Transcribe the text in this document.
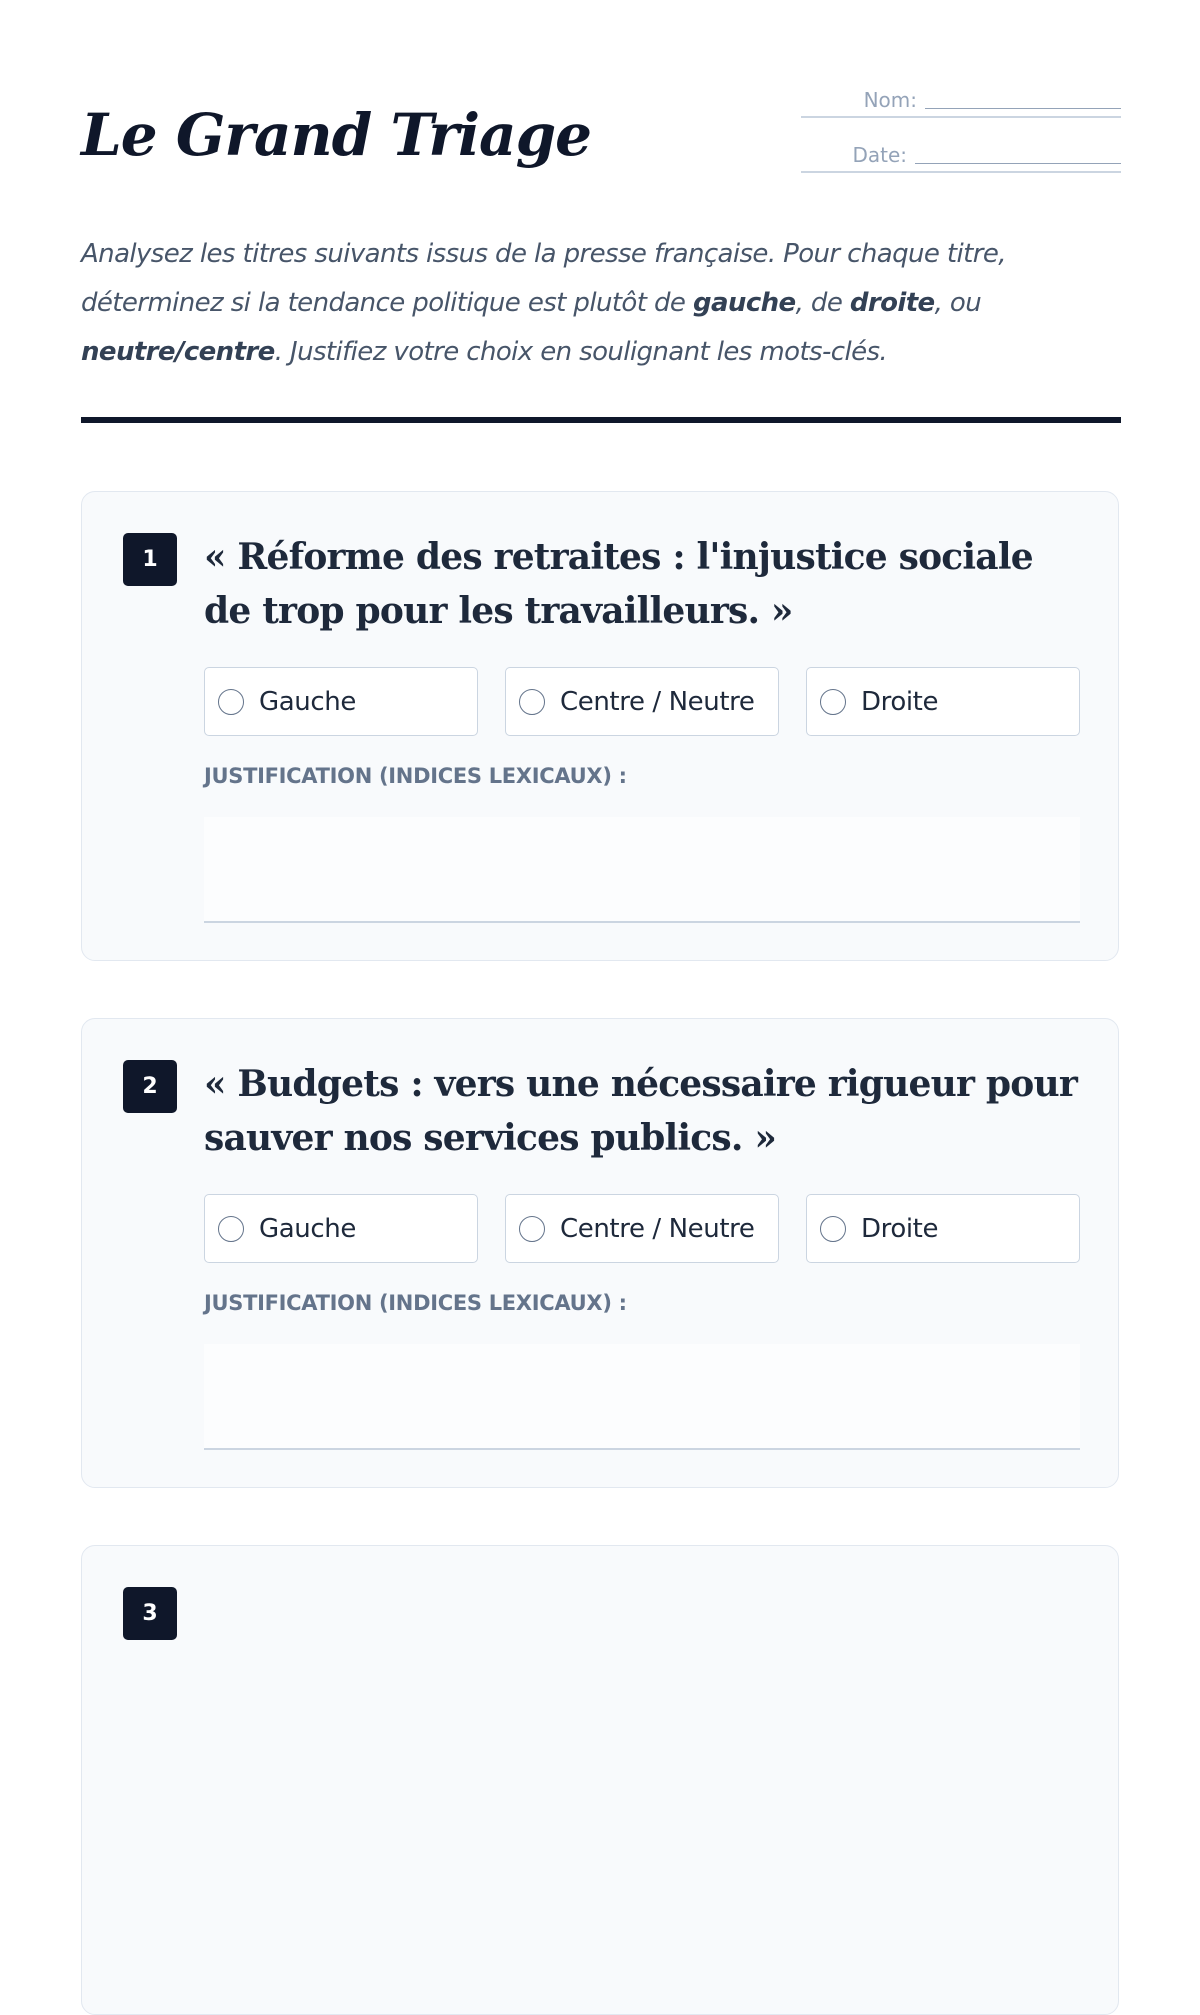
Le Grand Triage
Nom:
Date:

Analysez les titres suivants issus de la presse française. Pour chaque titre, déterminez si la tendance politique est plutôt de gauche, de droite, ou neutre/centre. Justifiez votre choix en soulignant les mots-clés.

1	« Réforme des retraites : l'injustice sociale de trop pour les travailleurs. »

Gauche	Centre / Neutre	Droite
JUSTIFICATION (INDICES LEXICAUX) :
2	« Budgets : vers une nécessaire rigueur pour sauver nos services publics. »

Gauche	Centre / Neutre	Droite
JUSTIFICATION (INDICES LEXICAUX) :
3
